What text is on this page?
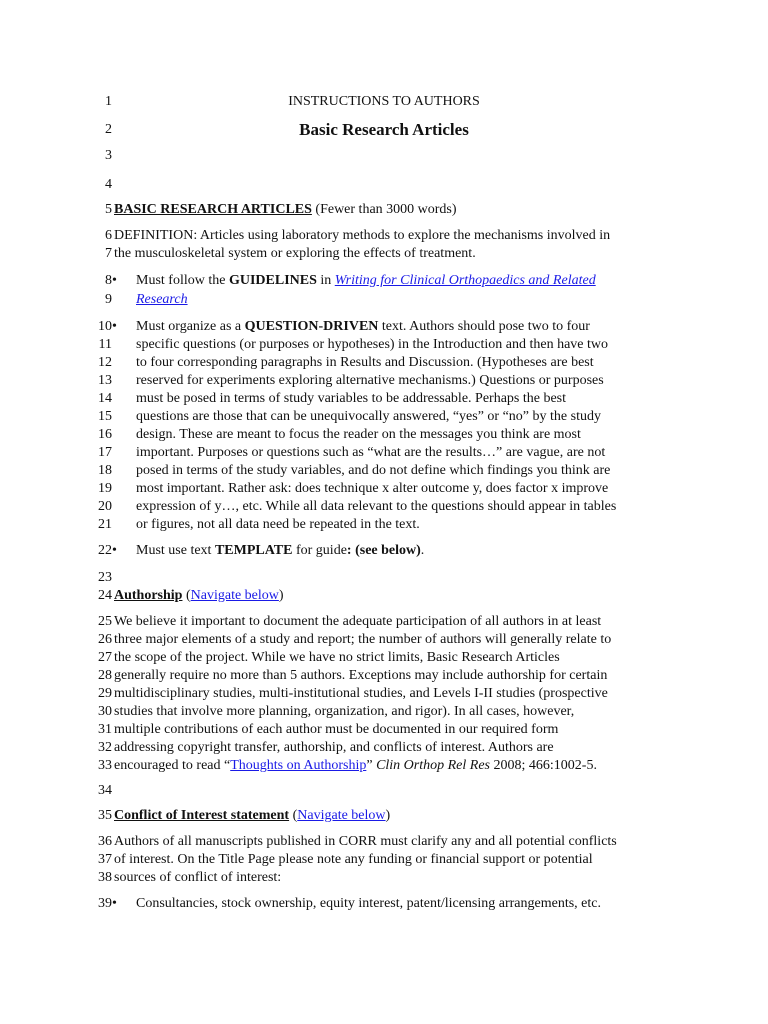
1	INSTRUCTIONS TO AUTHORS
2	Basic Research Articles
3
4
5 BASIC RESEARCH ARTICLES (Fewer than 3000 words)
6 DEFINITION: Articles using laboratory methods to explore the mechanisms involved in
7 the musculoskeletal system or exploring the effects of treatment.
8 •	Must follow the GUIDELINES in Writing for Clinical Orthopaedics and Related
9 Research
10 •	Must organize as a QUESTION-DRIVEN text. Authors should pose two to four
11 specific questions (or purposes or hypotheses) in the Introduction and then have two
12 to four corresponding paragraphs in Results and Discussion. (Hypotheses are best
13 reserved for experiments exploring alternative mechanisms.) Questions or purposes
14 must be posed in terms of study variables to be addressable. Perhaps the best
15 questions are those that can be unequivocally answered, “yes” or “no” by the study
16 design. These are meant to focus the reader on the messages you think are most
17 important. Purposes or questions such as “what are the results…” are vague, are not
18 posed in terms of the study variables, and do not define which findings you think are
19 most important. Rather ask: does technique x alter outcome y, does factor x improve
20 expression of y…, etc. While all data relevant to the questions should appear in tables
21 or figures, not all data need be repeated in the text.
22 •	Must use text TEMPLATE for guide: (see below).
23
24 Authorship (Navigate below)
25 We believe it important to document the adequate participation of all authors in at least
26 three major elements of a study and report; the number of authors will generally relate to
27 the scope of the project. While we have no strict limits, Basic Research Articles
28 generally require no more than 5 authors. Exceptions may include authorship for certain
29 multidisciplinary studies, multi-institutional studies, and Levels I-II studies (prospective
30 studies that involve more planning, organization, and rigor). In all cases, however,
31 multiple contributions of each author must be documented in our required form
32 addressing copyright transfer, authorship, and conflicts of interest. Authors are
33 encouraged to read “Thoughts on Authorship” Clin Orthop Rel Res 2008; 466:1002-5.
34
35 Conflict of Interest statement (Navigate below)
36 Authors of all manuscripts published in CORR must clarify any and all potential conflicts
37 of interest. On the Title Page please note any funding or financial support or potential
38 sources of conflict of interest:
39 •	Consultancies, stock ownership, equity interest, patent/licensing arrangements, etc.
